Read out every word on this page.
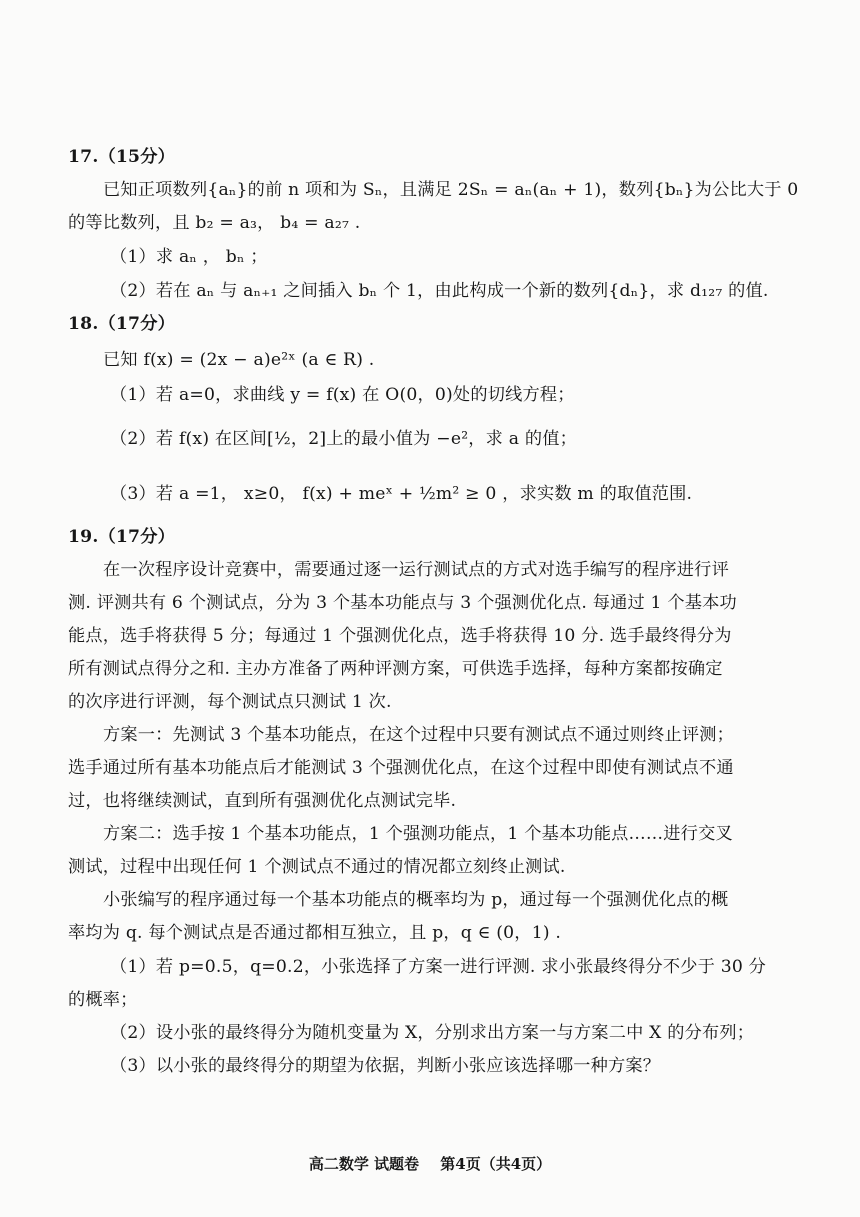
17.（15分）
已知正项数列{aₙ}的前 n 项和为 Sₙ，且满足 2Sₙ = aₙ(aₙ + 1)，数列{bₙ}为公比大于 0
的等比数列，且 b₂ = a₃， b₄ = a₂₇ .
（1）求 aₙ ， bₙ ；
（2）若在 aₙ 与 aₙ₊₁ 之间插入 bₙ 个 1，由此构成一个新的数列{dₙ}，求 d₁₂₇ 的值.
18.（17分）
已知 f(x) = (2x − a)e²ˣ (a ∈ R) .
（1）若 a=0，求曲线 y = f(x) 在 O(0，0)处的切线方程；
（2）若 f(x) 在区间[½，2]上的最小值为 −e²，求 a 的值；
（3）若 a =1， x≥0， f(x) + meˣ + ½m² ≥ 0 ，求实数 m 的取值范围.
19.（17分）
在一次程序设计竞赛中，需要通过逐一运行测试点的方式对选手编写的程序进行评
测. 评测共有 6 个测试点，分为 3 个基本功能点与 3 个强测优化点. 每通过 1 个基本功
能点，选手将获得 5 分；每通过 1 个强测优化点，选手将获得 10 分. 选手最终得分为
所有测试点得分之和. 主办方准备了两种评测方案，可供选手选择，每种方案都按确定
的次序进行评测，每个测试点只测试 1 次.
方案一：先测试 3 个基本功能点，在这个过程中只要有测试点不通过则终止评测；
选手通过所有基本功能点后才能测试 3 个强测优化点，在这个过程中即使有测试点不通
过，也将继续测试，直到所有强测优化点测试完毕.
方案二：选手按 1 个基本功能点，1 个强测功能点，1 个基本功能点……进行交叉
测试，过程中出现任何 1 个测试点不通过的情况都立刻终止测试.
小张编写的程序通过每一个基本功能点的概率均为 p，通过每一个强测优化点的概
率均为 q. 每个测试点是否通过都相互独立，且 p，q ∈ (0，1) .
（1）若 p=0.5，q=0.2，小张选择了方案一进行评测. 求小张最终得分不少于 30 分
的概率；
（2）设小张的最终得分为随机变量为 X，分别求出方案一与方案二中 X 的分布列；
（3）以小张的最终得分的期望为依据，判断小张应该选择哪一种方案？
高二数学 试题卷 第4页（共4页）
